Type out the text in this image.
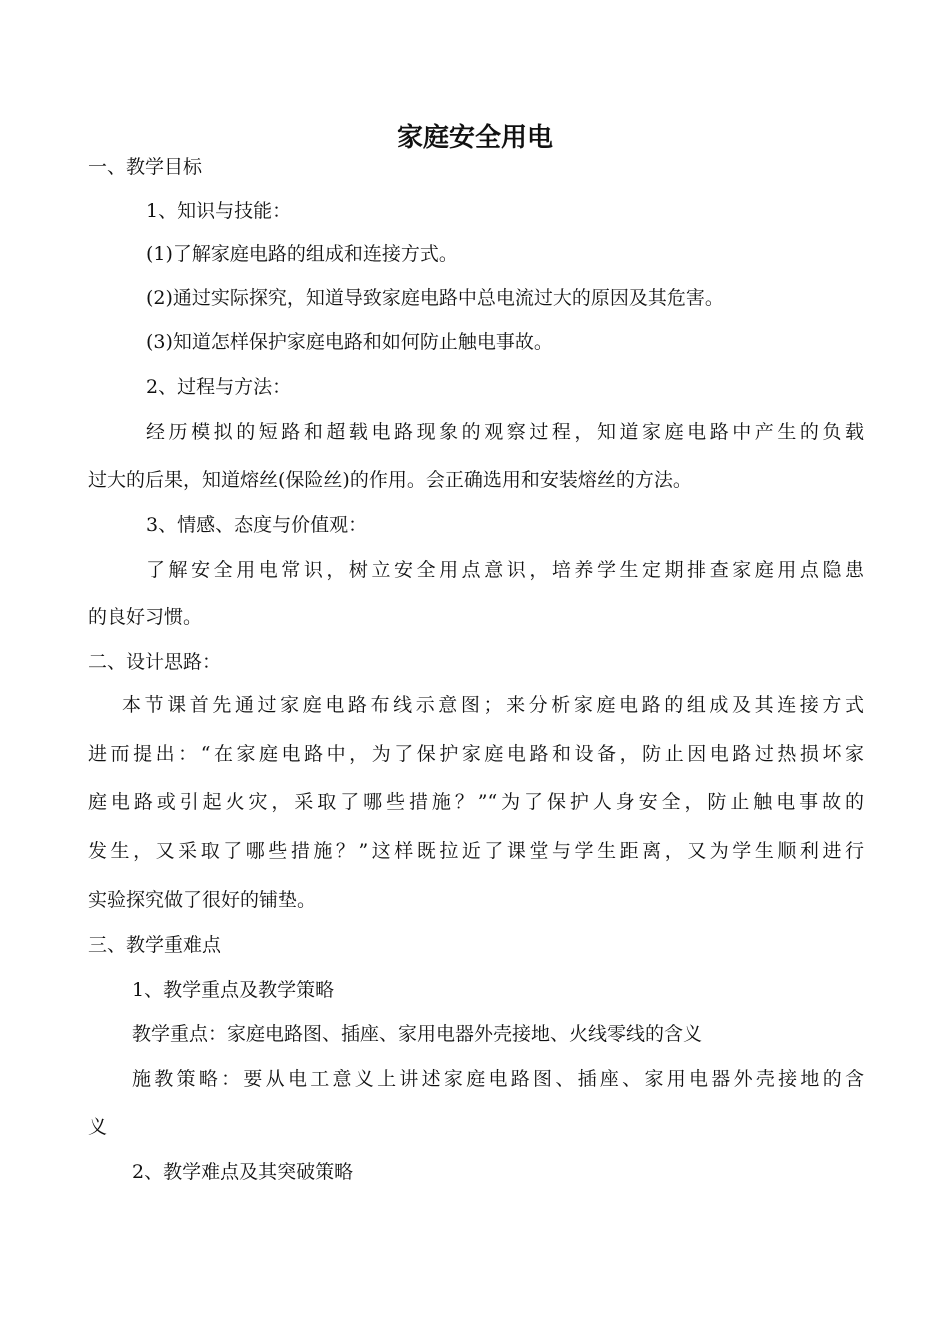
家庭安全用电

一、教学目标

1、知识与技能：

(1)了解家庭电路的组成和连接方式。

(2)通过实际探究，知道导致家庭电路中总电流过大的原因及其危害。

(3)知道怎样保护家庭电路和如何防止触电事故。

2、过程与方法：

经历模拟的短路和超载电路现象的观察过程，知道家庭电路中产生的负载

过大的后果，知道熔丝(保险丝)的作用。会正确选用和安装熔丝的方法。

3、情感、态度与价值观：

了解安全用电常识，树立安全用点意识，培养学生定期排查家庭用点隐患

的良好习惯。

二、设计思路：

本节课首先通过家庭电路布线示意图；来分析家庭电路的组成及其连接方式

进而提出：“在家庭电路中，为了保护家庭电路和设备，防止因电路过热损坏家

庭电路或引起火灾，采取了哪些措施？”“为了保护人身安全，防止触电事故的

发生，又采取了哪些措施？”这样既拉近了课堂与学生距离，又为学生顺利进行

实验探究做了很好的铺垫。

三、教学重难点

1、教学重点及教学策略

教学重点：家庭电路图、插座、家用电器外壳接地、火线零线的含义

施教策略：要从电工意义上讲述家庭电路图、插座、家用电器外壳接地的含

义

2、教学难点及其突破策略
